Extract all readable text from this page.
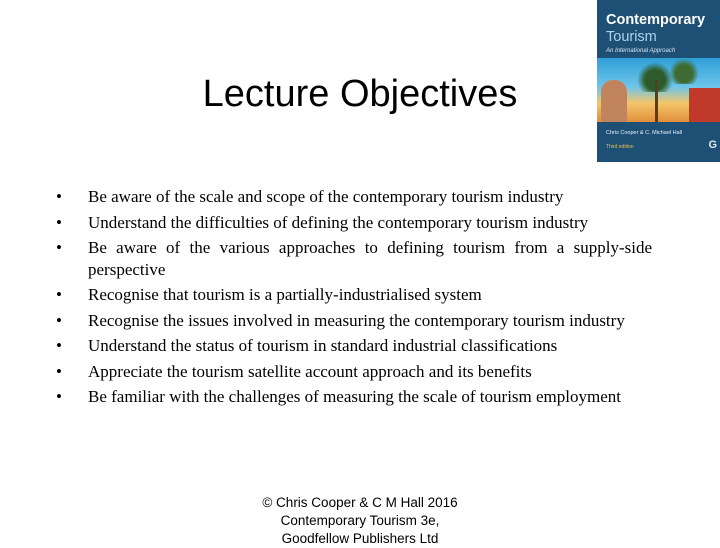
Lecture Objectives
• Be aware of the scale and scope of the contemporary tourism industry
• Understand the difficulties of defining the contemporary tourism industry
• Be aware of the various approaches to defining tourism from a supply-side perspective
• Recognise that tourism is a partially-industrialised system
• Recognise the issues involved in measuring the contemporary tourism industry
• Understand the status of tourism in standard industrial classifications
• Appreciate the tourism satellite account approach and its benefits
• Be familiar with the challenges of measuring the scale of tourism employment
Contemporary
Tourism
An International Approach
Chris Cooper & C. Michael Hall
Third edition	G
© Chris Cooper & C M Hall 2016
Contemporary Tourism 3e,
Goodfellow Publishers Ltd
